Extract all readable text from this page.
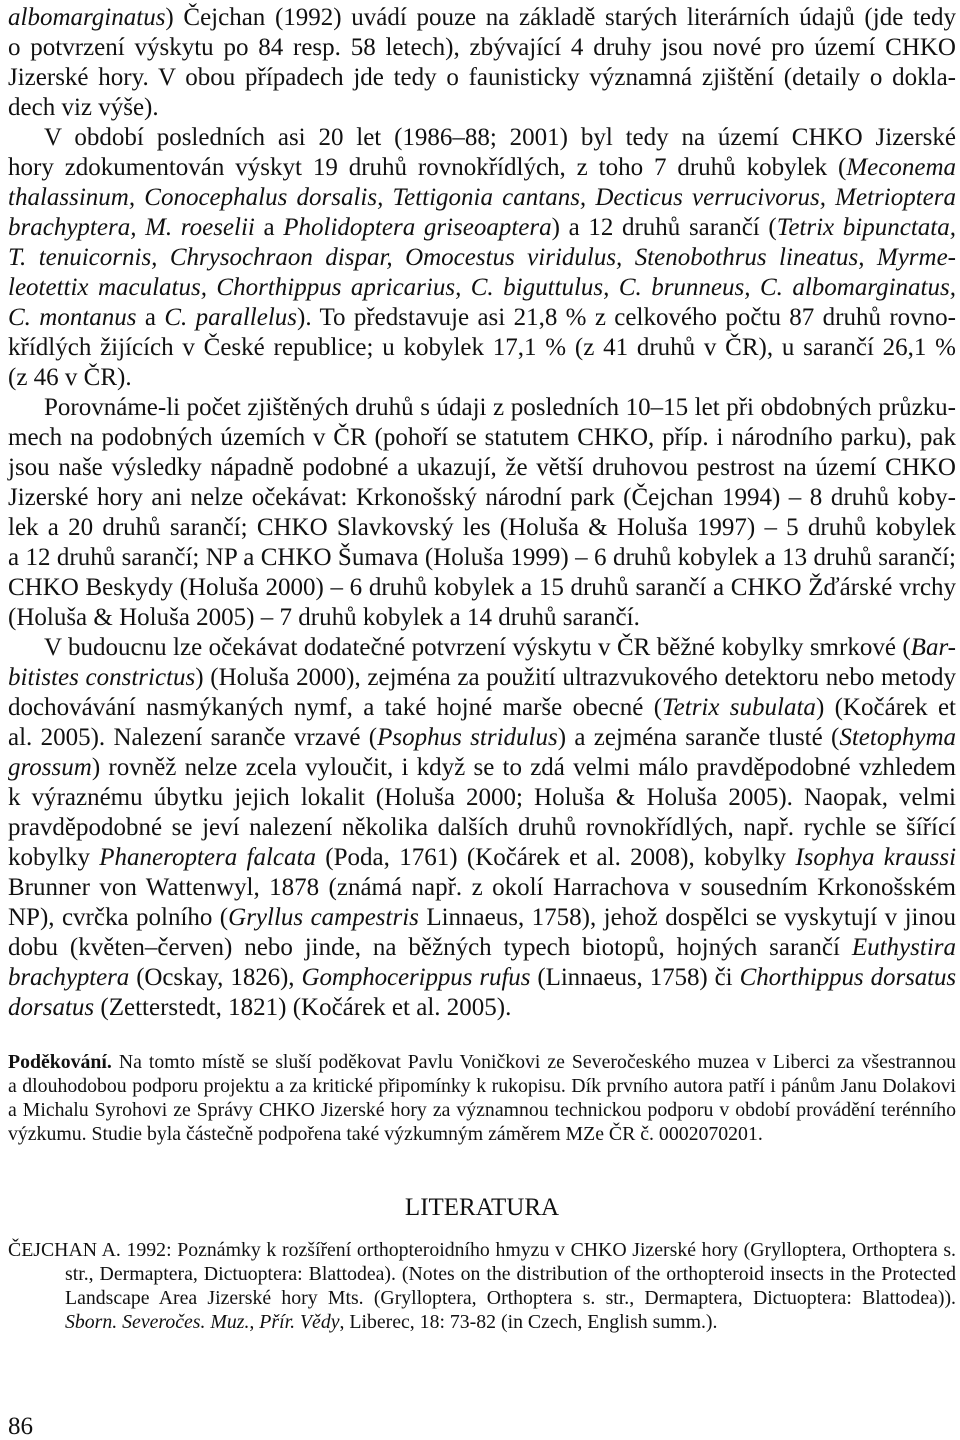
albomarginatus) Čejchan (1992) uvádí pouze na základě starých literárních údajů (jde tedy
o potvrzení výskytu po 84 resp. 58 letech), zbývající 4 druhy jsou nové pro území CHKO
Jizerské hory. V obou případech jde tedy o faunisticky významná zjištění (detaily o dokla-
dech viz výše).
V období posledních asi 20 let (1986–88; 2001) byl tedy na území CHKO Jizerské
hory zdokumentován výskyt 19 druhů rovnokřídlých, z toho 7 druhů kobylek (Meconema
thalassinum, Conocephalus dorsalis, Tettigonia cantans, Decticus verrucivorus, Metrioptera
brachyptera, M. roeselii a Pholidoptera griseoaptera) a 12 druhů sarančí (Tetrix bipunctata,
T. tenuicornis, Chrysochraon dispar, Omocestus viridulus, Stenobothrus lineatus, Myrme-
leotettix maculatus, Chorthippus apricarius, C. biguttulus, C. brunneus, C. albomarginatus,
C. montanus a C. parallelus). To představuje asi 21,8 % z celkového počtu 87 druhů rovno-
křídlých žijících v České republice; u kobylek 17,1 % (z 41 druhů v ČR), u sarančí 26,1 %
(z 46 v ČR).
Porovnáme-li počet zjištěných druhů s údaji z posledních 10–15 let při obdobných průzku-
mech na podobných územích v ČR (pohoří se statutem CHKO, příp. i národního parku), pak
jsou naše výsledky nápadně podobné a ukazují, že větší druhovou pestrost na území CHKO
Jizerské hory ani nelze očekávat: Krkonošský národní park (Čejchan 1994) – 8 druhů koby-
lek a 20 druhů sarančí; CHKO Slavkovský les (Holuša & Holuša 1997) – 5 druhů kobylek
a 12 druhů sarančí; NP a CHKO Šumava (Holuša 1999) – 6 druhů kobylek a 13 druhů sarančí;
CHKO Beskydy (Holuša 2000) – 6 druhů kobylek a 15 druhů sarančí a CHKO Žďárské vrchy
(Holuša & Holuša 2005) – 7 druhů kobylek a 14 druhů sarančí.
V budoucnu lze očekávat dodatečné potvrzení výskytu v ČR běžné kobylky smrkové (Bar-
bitistes constrictus) (Holuša 2000), zejména za použití ultrazvukového detektoru nebo metody
dochovávání nasmýkaných nymf, a také hojné marše obecné (Tetrix subulata) (Kočárek et
al. 2005). Nalezení saranče vrzavé (Psophus stridulus) a zejména saranče tlusté (Stetophyma
grossum) rovněž nelze zcela vyloučit, i když se to zdá velmi málo pravděpodobné vzhledem
k výraznému úbytku jejich lokalit (Holuša 2000; Holuša & Holuša 2005). Naopak, velmi
pravděpodobné se jeví nalezení několika dalších druhů rovnokřídlých, např. rychle se šířící
kobylky Phaneroptera falcata (Poda, 1761) (Kočárek et al. 2008), kobylky Isophya kraussi
Brunner von Wattenwyl, 1878 (známá např. z okolí Harrachova v sousedním Krkonošském
NP), cvrčka polního (Gryllus campestris Linnaeus, 1758), jehož dospělci se vyskytují v jinou
dobu (květen–červen) nebo jinde, na běžných typech biotopů, hojných sarančí Euthystira
brachyptera (Ocskay, 1826), Gomphocerippus rufus (Linnaeus, 1758) či Chorthippus dorsatus
dorsatus (Zetterstedt, 1821) (Kočárek et al. 2005).
Poděkování. Na tomto místě se sluší poděkovat Pavlu Voničkovi ze Severočeského muzea v Liberci za všestrannou
a dlouhodobou podporu projektu a za kritické připomínky k rukopisu. Dík prvního autora patří i pánům Janu Dolakovi
a Michalu Syrohovi ze Správy CHKO Jizerské hory za významnou technickou podporu v období provádění terénního
výzkumu. Studie byla částečně podpořena také výzkumným záměrem MZe ČR č. 0002070201.
LITERATURA
ČEJCHAN A. 1992: Poznámky k rozšíření orthopteroidního hmyzu v CHKO Jizerské hory (Grylloptera, Orthoptera s.
str., Dermaptera, Dictuoptera: Blattodea). (Notes on the distribution of the orthopteroid insects in the Protected
Landscape Area Jizerské hory Mts. (Grylloptera, Orthoptera s. str., Dermaptera, Dictuoptera: Blattodea)).
Sborn. Severočes. Muz., Přír. Vědy, Liberec, 18: 73-82 (in Czech, English summ.).
86
